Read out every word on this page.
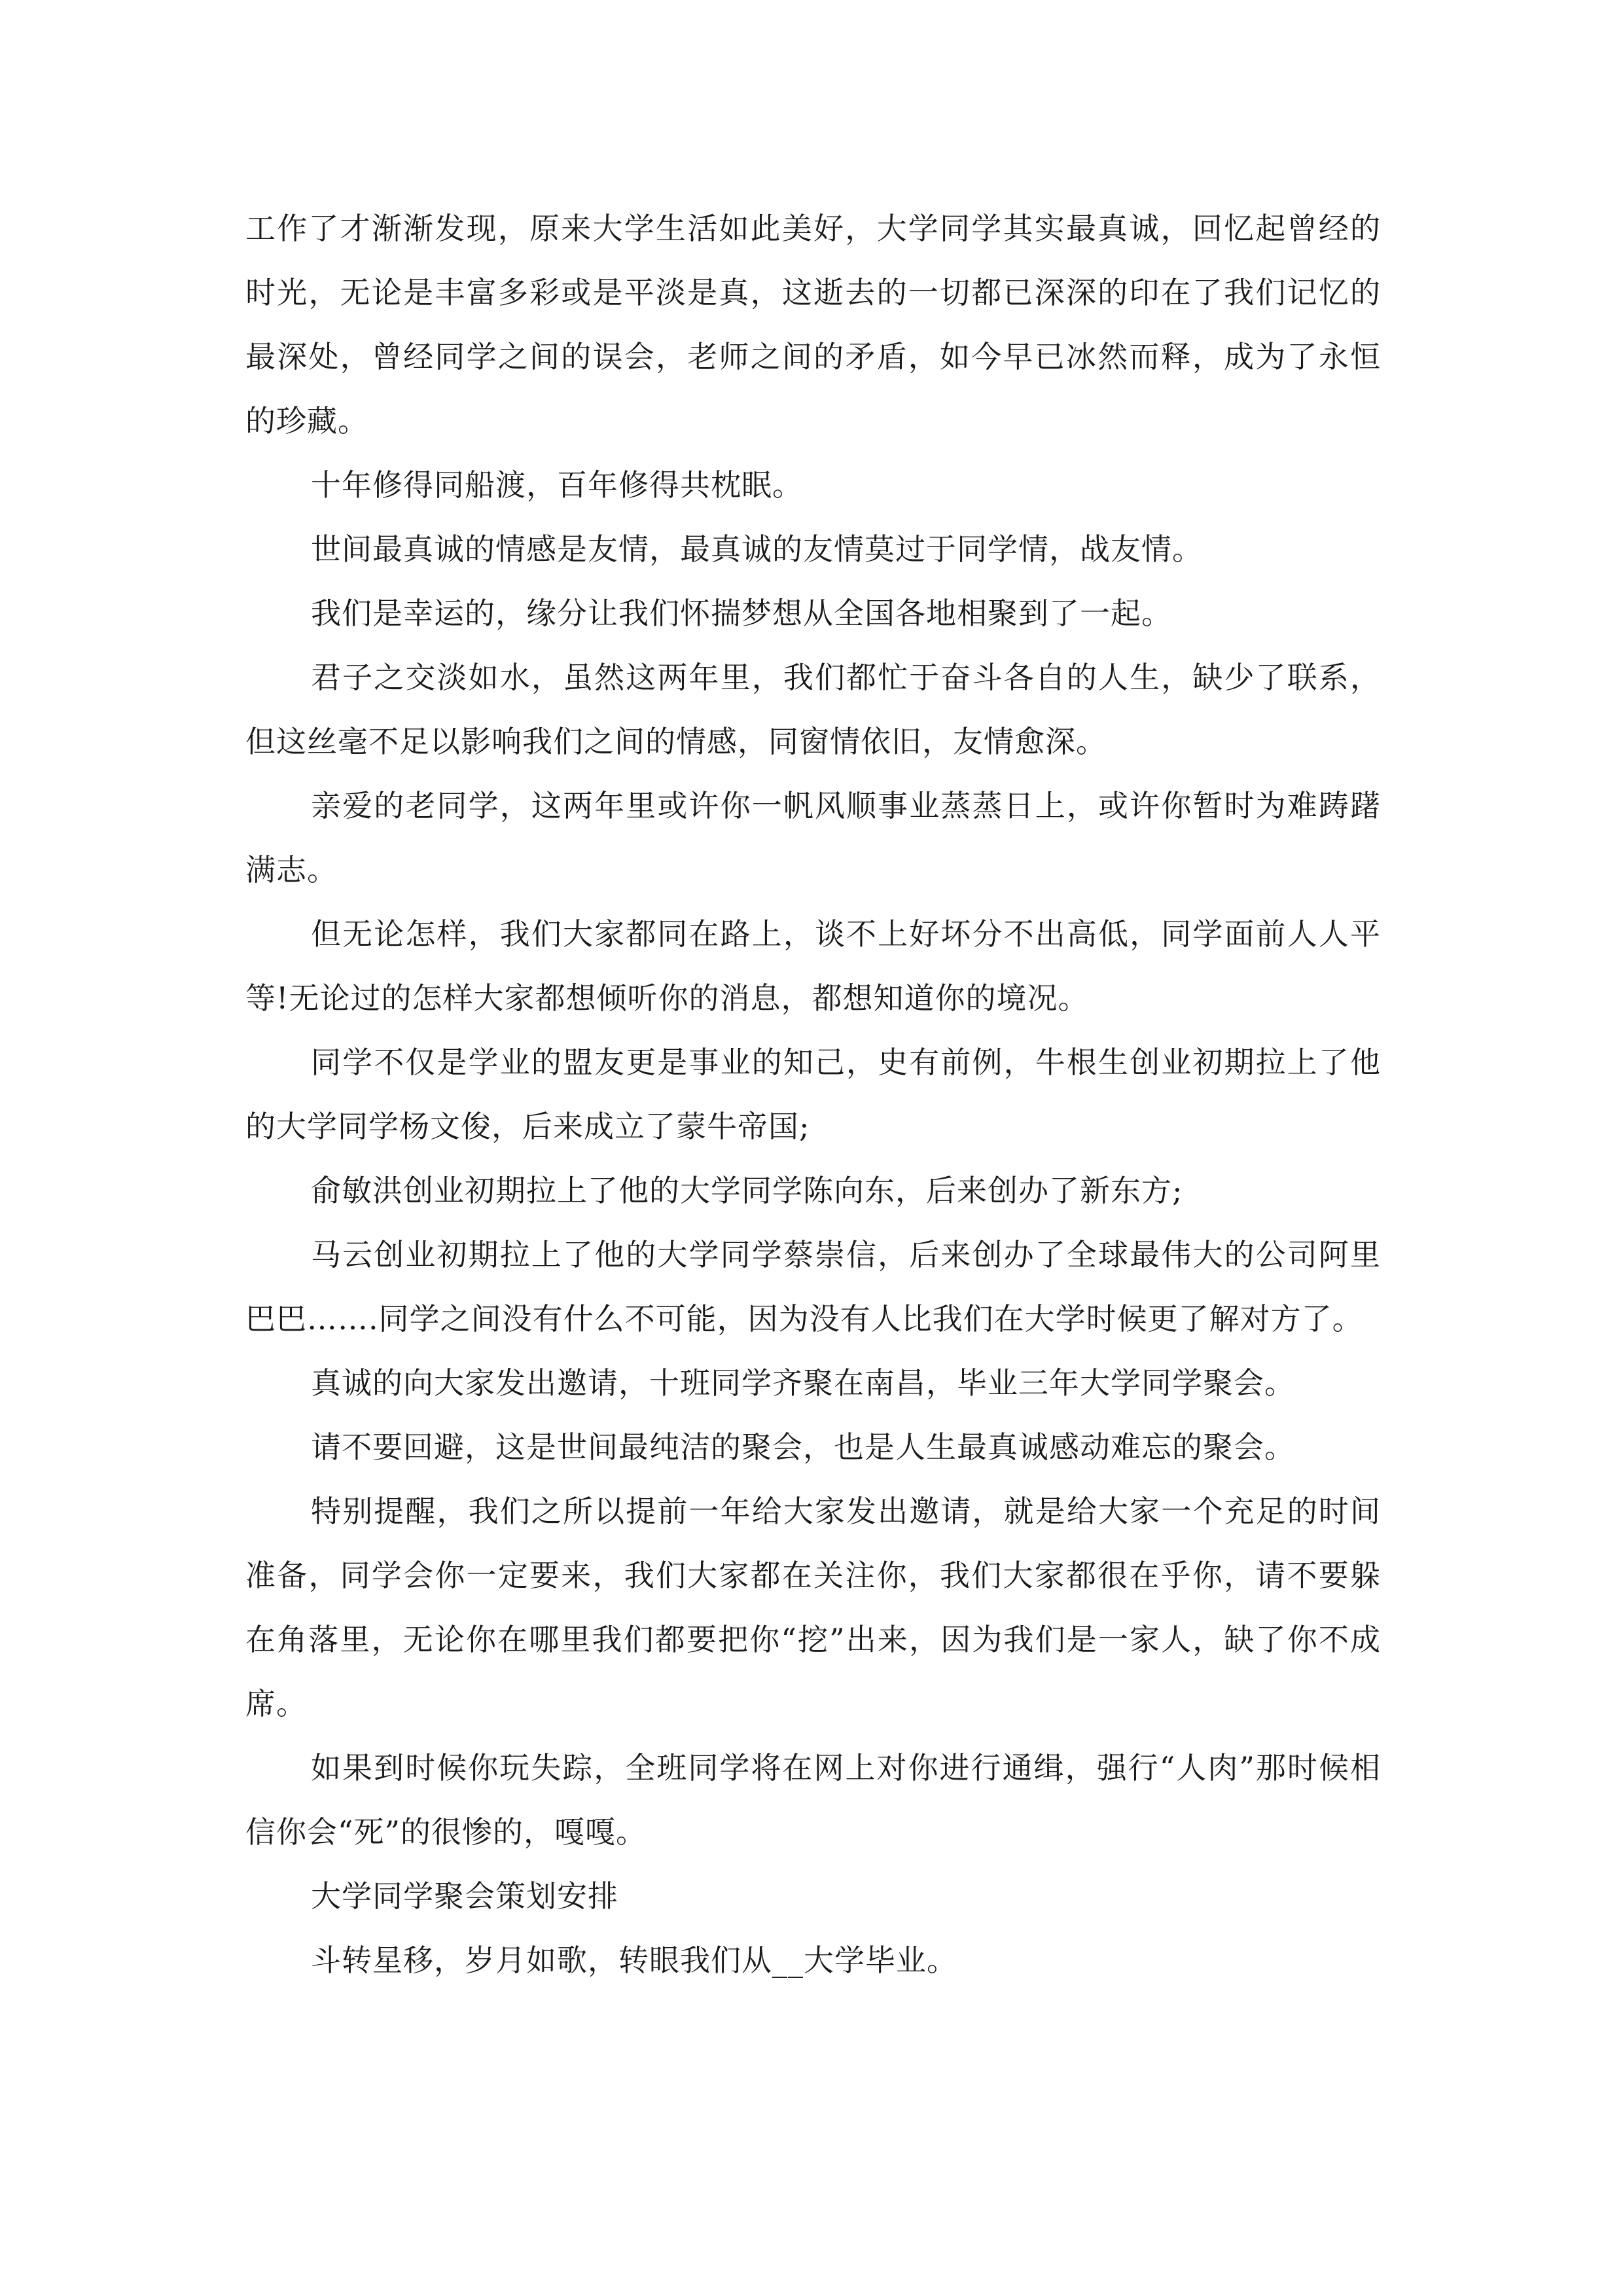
工作了才渐渐发现，原来大学生活如此美好，大学同学其实最真诚，回忆起曾经的时光，无论是丰富多彩或是平淡是真，这逝去的一切都已深深的印在了我们记忆的最深处，曾经同学之间的误会，老师之间的矛盾，如今早已冰然而释，成为了永恒的珍藏。

十年修得同船渡，百年修得共枕眠。

世间最真诚的情感是友情，最真诚的友情莫过于同学情，战友情。

我们是幸运的，缘分让我们怀揣梦想从全国各地相聚到了一起。

君子之交淡如水，虽然这两年里，我们都忙于奋斗各自的人生，缺少了联系，但这丝毫不足以影响我们之间的情感，同窗情依旧，友情愈深。

亲爱的老同学，这两年里或许你一帆风顺事业蒸蒸日上，或许你暂时为难踌躇满志。

但无论怎样，我们大家都同在路上，谈不上好坏分不出高低，同学面前人人平等!无论过的怎样大家都想倾听你的消息，都想知道你的境况。

同学不仅是学业的盟友更是事业的知己，史有前例，牛根生创业初期拉上了他的大学同学杨文俊，后来成立了蒙牛帝国;

俞敏洪创业初期拉上了他的大学同学陈向东，后来创办了新东方;

马云创业初期拉上了他的大学同学蔡崇信，后来创办了全球最伟大的公司阿里巴巴…….同学之间没有什么不可能，因为没有人比我们在大学时候更了解对方了。

真诚的向大家发出邀请，十班同学齐聚在南昌，毕业三年大学同学聚会。

请不要回避，这是世间最纯洁的聚会，也是人生最真诚感动难忘的聚会。

特别提醒，我们之所以提前一年给大家发出邀请，就是给大家一个充足的时间准备，同学会你一定要来，我们大家都在关注你，我们大家都很在乎你，请不要躲在角落里，无论你在哪里我们都要把你“挖”出来，因为我们是一家人，缺了你不成席。

如果到时候你玩失踪，全班同学将在网上对你进行通缉，强行“人肉”那时候相信你会“死”的很惨的，嘎嘎。

大学同学聚会策划安排

斗转星移，岁月如歌，转眼我们从__大学毕业。
